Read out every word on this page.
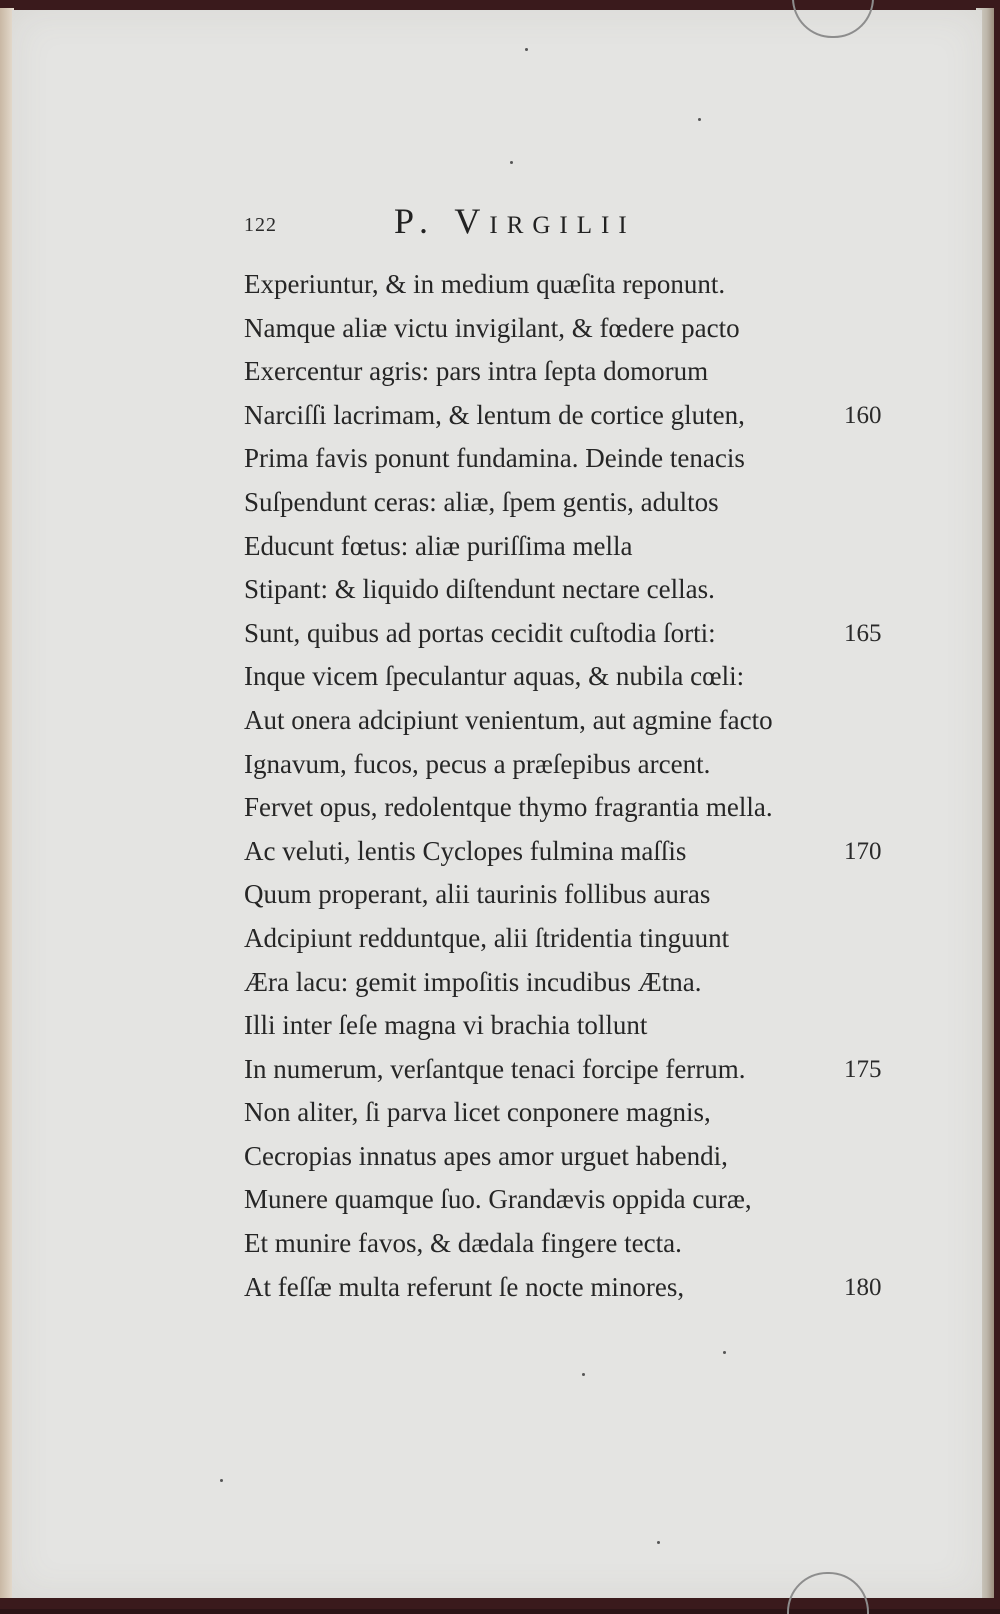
122	P. Virgilii
Experiuntur, & in medium quæſita reponunt.
Namque aliæ victu invigilant, & fœdere pacto
Exercentur agris: pars intra ſepta domorum
Narciſſi lacrimam, & lentum de cortice gluten,	160
Prima favis ponunt fundamina. Deinde tenacis
Suſpendunt ceras: aliæ, ſpem gentis, adultos
Educunt fœtus: aliæ puriſſima mella
Stipant: & liquido diſtendunt nectare cellas.
Sunt, quibus ad portas cecidit cuſtodia ſorti:	165
Inque vicem ſpeculantur aquas, & nubila cœli:
Aut onera adcipiunt venientum, aut agmine facto
Ignavum, fucos, pecus a præſepibus arcent.
Fervet opus, redolentque thymo fragrantia mella.
Ac veluti, lentis Cyclopes fulmina maſſis	170
Quum properant, alii taurinis follibus auras
Adcipiunt redduntque, alii ſtridentia tinguunt
Æra lacu: gemit impoſitis incudibus Ætna.
Illi inter ſeſe magna vi brachia tollunt
In numerum, verſantque tenaci forcipe ferrum.	175
Non aliter, ſi parva licet conponere magnis,
Cecropias innatus apes amor urguet habendi,
Munere quamque ſuo. Grandævis oppida curæ,
Et munire favos, & dædala fingere tecta.
At feſſæ multa referunt ſe nocte minores,	180
